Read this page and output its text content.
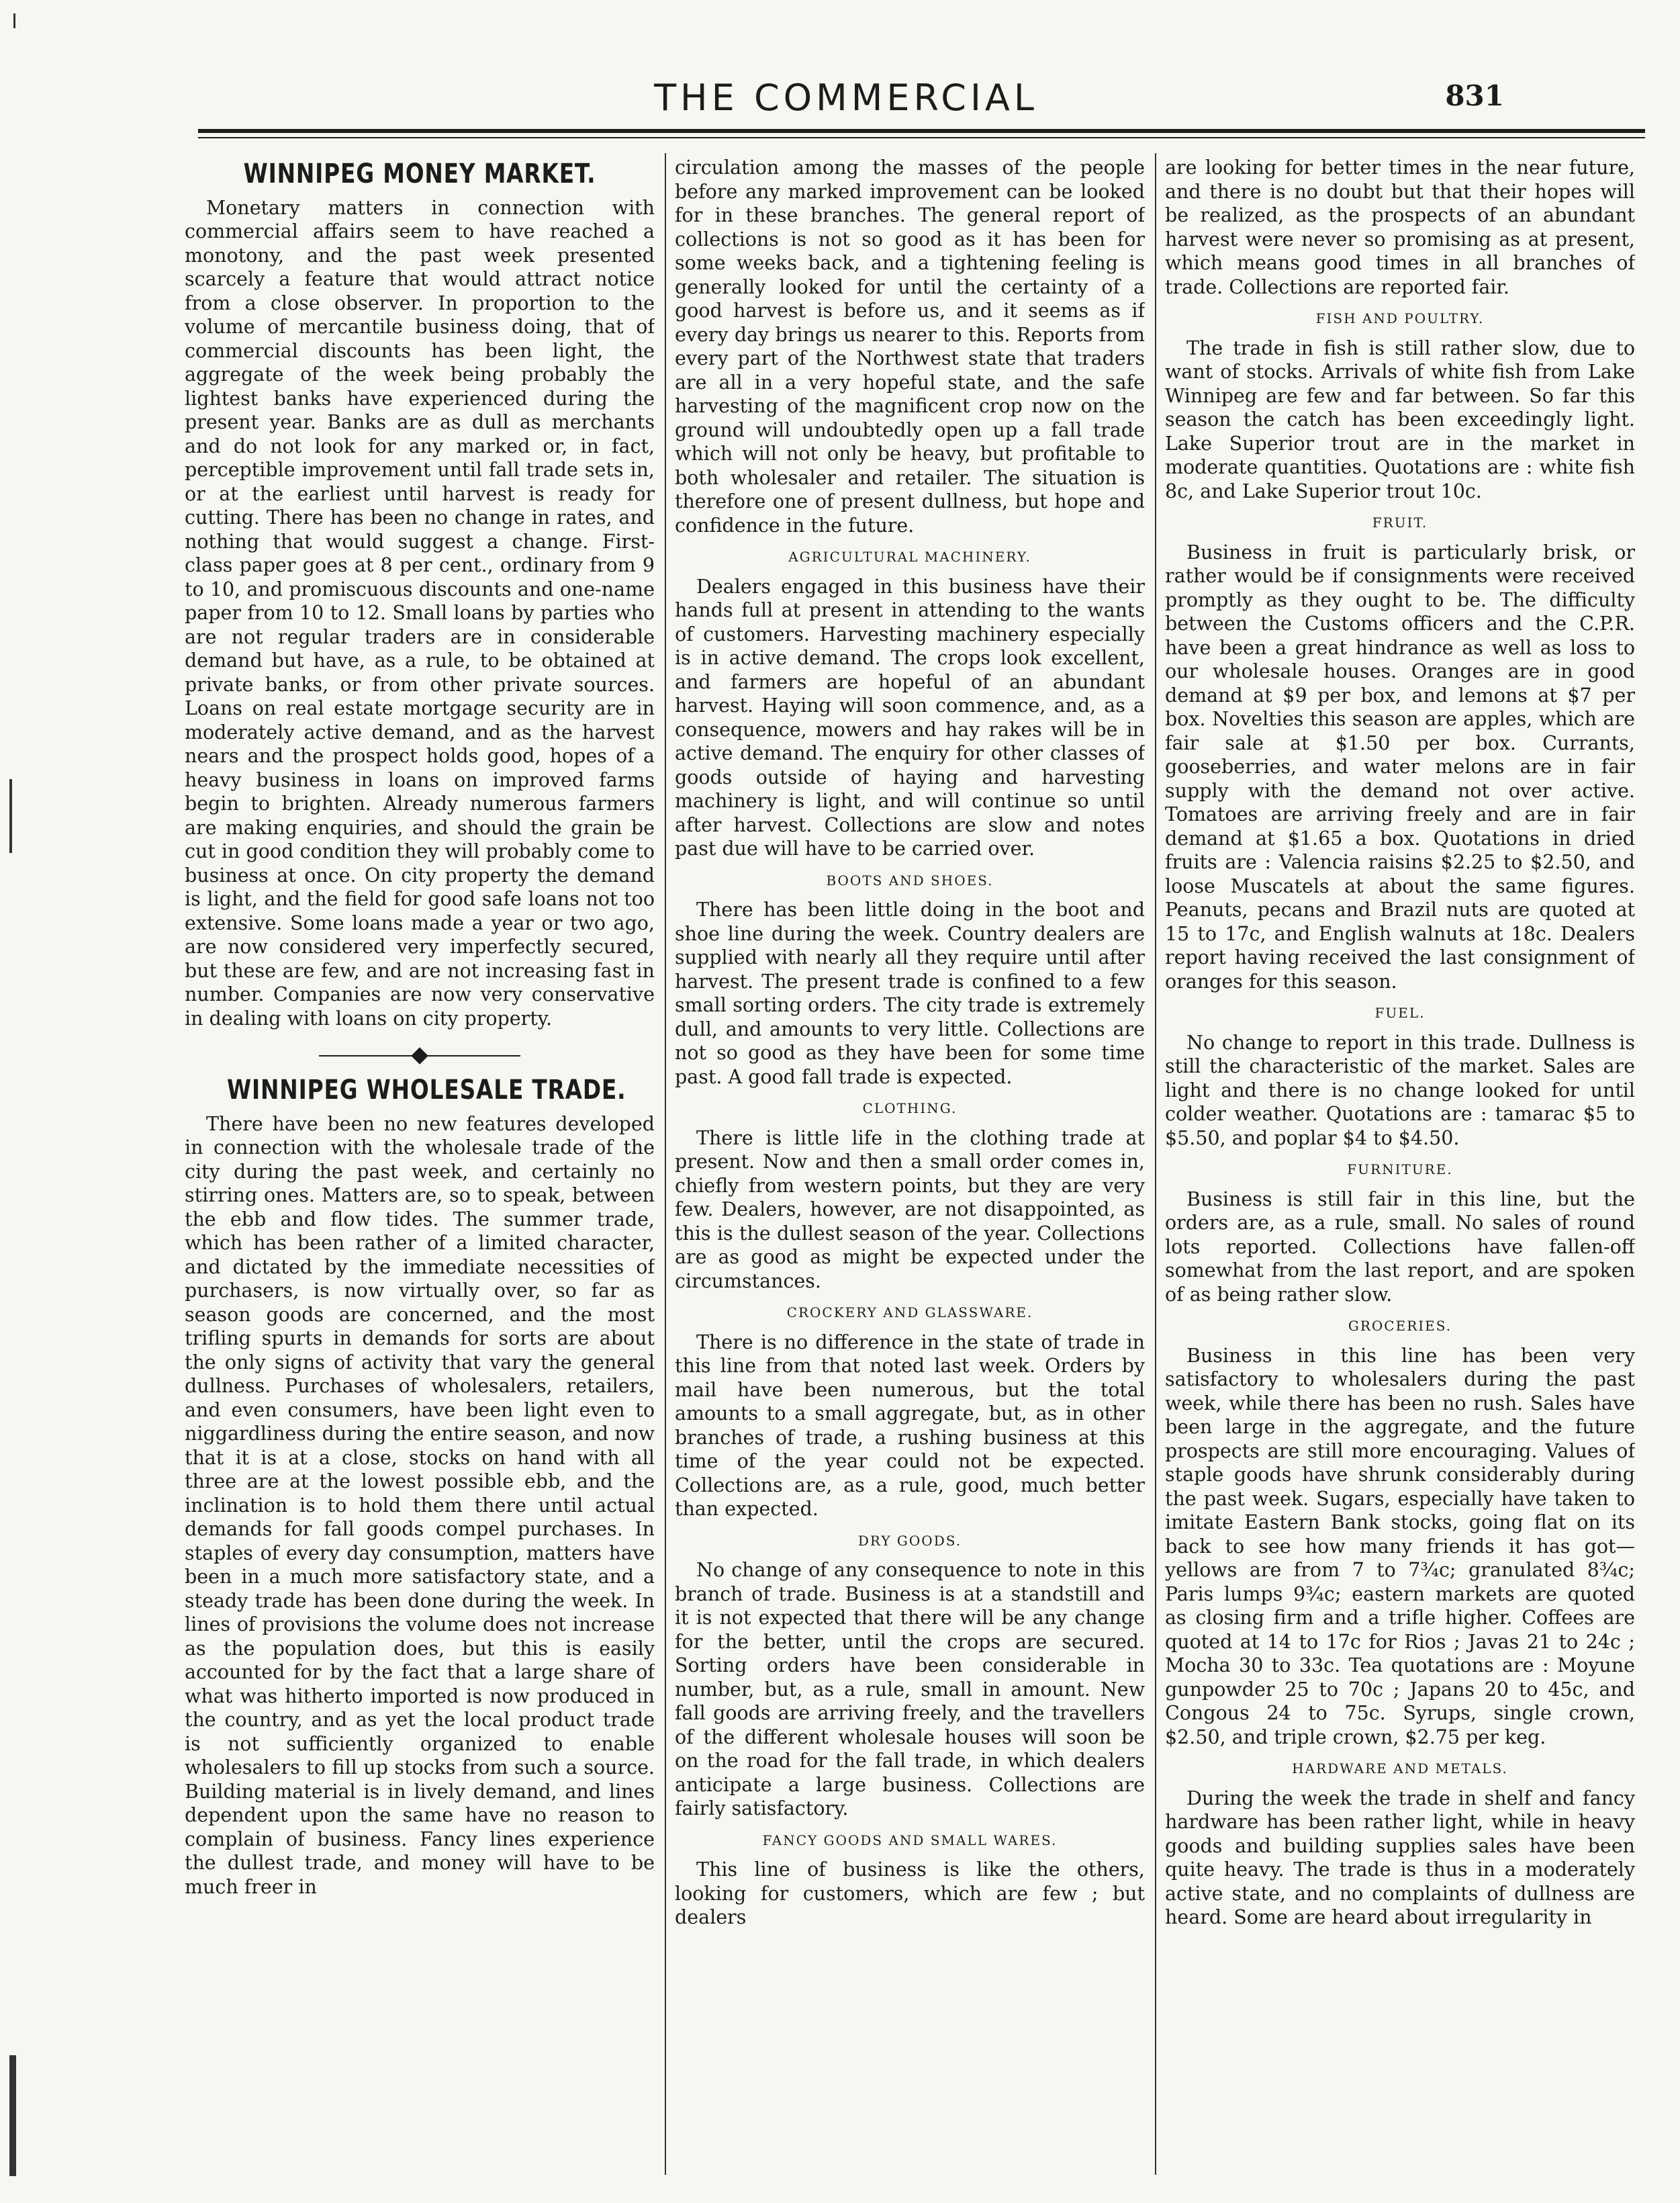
THE COMMERCIAL	831
WINNIPEG MONEY MARKET.

Monetary matters in connection with commercial affairs seem to have reached a monotony, and the past week presented scarcely a feature that would attract notice from a close observer. In proportion to the volume of mercantile business doing, that of commercial discounts has been light, the aggregate of the week being probably the lightest banks have experienced during the present year. Banks are as dull as merchants and do not look for any marked or, in fact, perceptible improvement until fall trade sets in, or at the earliest until harvest is ready for cutting. There has been no change in rates, and nothing that would suggest a change. First-class paper goes at 8 per cent., ordinary from 9 to 10, and promiscuous discounts and one-name paper from 10 to 12. Small loans by parties who are not regular traders are in considerable demand but have, as a rule, to be obtained at private banks, or from other private sources. Loans on real estate mortgage security are in moderately active demand, and as the harvest nears and the prospect holds good, hopes of a heavy business in loans on improved farms begin to brighten. Already numerous farmers are making enquiries, and should the grain be cut in good condition they will probably come to business at once. On city property the demand is light, and the field for good safe loans not too extensive. Some loans made a year or two ago, are now considered very imperfectly secured, but these are few, and are not increasing fast in number. Companies are now very conservative in dealing with loans on city property.

WINNIPEG WHOLESALE TRADE.

There have been no new features developed in connection with the wholesale trade of the city during the past week, and certainly no stirring ones. Matters are, so to speak, between the ebb and flow tides. The summer trade, which has been rather of a limited character, and dictated by the immediate necessities of purchasers, is now virtually over, so far as season goods are concerned, and the most trifling spurts in demands for sorts are about the only signs of activity that vary the general dullness. Purchases of wholesalers, retailers, and even consumers, have been light even to niggardliness during the entire season, and now that it is at a close, stocks on hand with all three are at the lowest possible ebb, and the inclination is to hold them there until actual demands for fall goods compel purchases. In staples of every day consumption, matters have been in a much more satisfactory state, and a steady trade has been done during the week. In lines of provisions the volume does not increase as the population does, but this is easily accounted for by the fact that a large share of what was hitherto imported is now produced in the country, and as yet the local product trade is not sufficiently organized to enable wholesalers to fill up stocks from such a source. Building material is in lively demand, and lines dependent upon the same have no reason to complain of business. Fancy lines experience the dullest trade, and money will have to be much freer in

circulation among the masses of the people before any marked improvement can be looked for in these branches. The general report of collections is not so good as it has been for some weeks back, and a tightening feeling is generally looked for until the certainty of a good harvest is before us, and it seems as if every day brings us nearer to this. Reports from every part of the Northwest state that traders are all in a very hopeful state, and the safe harvesting of the magnificent crop now on the ground will undoubtedly open up a fall trade which will not only be heavy, but profitable to both wholesaler and retailer. The situation is therefore one of present dullness, but hope and confidence in the future.

AGRICULTURAL MACHINERY.

Dealers engaged in this business have their hands full at present in attending to the wants of customers. Harvesting machinery especially is in active demand. The crops look excellent, and farmers are hopeful of an abundant harvest. Haying will soon commence, and, as a consequence, mowers and hay rakes will be in active demand. The enquiry for other classes of goods outside of haying and harvesting machinery is light, and will continue so until after harvest. Collections are slow and notes past due will have to be carried over.

BOOTS AND SHOES.

There has been little doing in the boot and shoe line during the week. Country dealers are supplied with nearly all they require until after harvest. The present trade is confined to a few small sorting orders. The city trade is extremely dull, and amounts to very little. Collections are not so good as they have been for some time past. A good fall trade is expected.

CLOTHING.

There is little life in the clothing trade at present. Now and then a small order comes in, chiefly from western points, but they are very few. Dealers, however, are not disappointed, as this is the dullest season of the year. Collections are as good as might be expected under the circumstances.

CROCKERY AND GLASSWARE.

There is no difference in the state of trade in this line from that noted last week. Orders by mail have been numerous, but the total amounts to a small aggregate, but, as in other branches of trade, a rushing business at this time of the year could not be expected. Collections are, as a rule, good, much better than expected.

DRY GOODS.

No change of any consequence to note in this branch of trade. Business is at a standstill and it is not expected that there will be any change for the better, until the crops are secured. Sorting orders have been considerable in number, but, as a rule, small in amount. New fall goods are arriving freely, and the travellers of the different wholesale houses will soon be on the road for the fall trade, in which dealers anticipate a large business. Collections are fairly satisfactory.

FANCY GOODS AND SMALL WARES.

This line of business is like the others, looking for customers, which are few ; but dealers

are looking for better times in the near future, and there is no doubt but that their hopes will be realized, as the prospects of an abundant harvest were never so promising as at present, which means good times in all branches of trade. Collections are reported fair.

FISH AND POULTRY.

The trade in fish is still rather slow, due to want of stocks. Arrivals of white fish from Lake Winnipeg are few and far between. So far this season the catch has been exceedingly light. Lake Superior trout are in the market in moderate quantities. Quotations are : white fish 8c, and Lake Superior trout 10c.

FRUIT.

Business in fruit is particularly brisk, or rather would be if consignments were received promptly as they ought to be. The difficulty between the Customs officers and the C.P.R. have been a great hindrance as well as loss to our wholesale houses. Oranges are in good demand at $9 per box, and lemons at $7 per box. Novelties this season are apples, which are fair sale at $1.50 per box. Currants, gooseberries, and water melons are in fair supply with the demand not over active. Tomatoes are arriving freely and are in fair demand at $1.65 a box. Quotations in dried fruits are : Valencia raisins $2.25 to $2.50, and loose Muscatels at about the same figures. Peanuts, pecans and Brazil nuts are quoted at 15 to 17c, and English walnuts at 18c. Dealers report having received the last consignment of oranges for this season.

FUEL.

No change to report in this trade. Dullness is still the characteristic of the market. Sales are light and there is no change looked for until colder weather. Quotations are : tamarac $5 to $5.50, and poplar $4 to $4.50.

FURNITURE.

Business is still fair in this line, but the orders are, as a rule, small. No sales of round lots reported. Collections have fallen-off somewhat from the last report, and are spoken of as being rather slow.

GROCERIES.

Business in this line has been very satisfactory to wholesalers during the past week, while there has been no rush. Sales have been large in the aggregate, and the future prospects are still more encouraging. Values of staple goods have shrunk considerably during the past week. Sugars, especially have taken to imitate Eastern Bank stocks, going flat on its back to see how many friends it has got—yellows are from 7 to 7¾c; granulated 8¾c; Paris lumps 9¾c; eastern markets are quoted as closing firm and a trifle higher. Coffees are quoted at 14 to 17c for Rios ; Javas 21 to 24c ; Mocha 30 to 33c. Tea quotations are : Moyune gunpowder 25 to 70c ; Japans 20 to 45c, and Congous 24 to 75c. Syrups, single crown, $2.50, and triple crown, $2.75 per keg.

HARDWARE AND METALS.

During the week the trade in shelf and fancy hardware has been rather light, while in heavy goods and building supplies sales have been quite heavy. The trade is thus in a moderately active state, and no complaints of dullness are heard. Some are heard about irregularity in
